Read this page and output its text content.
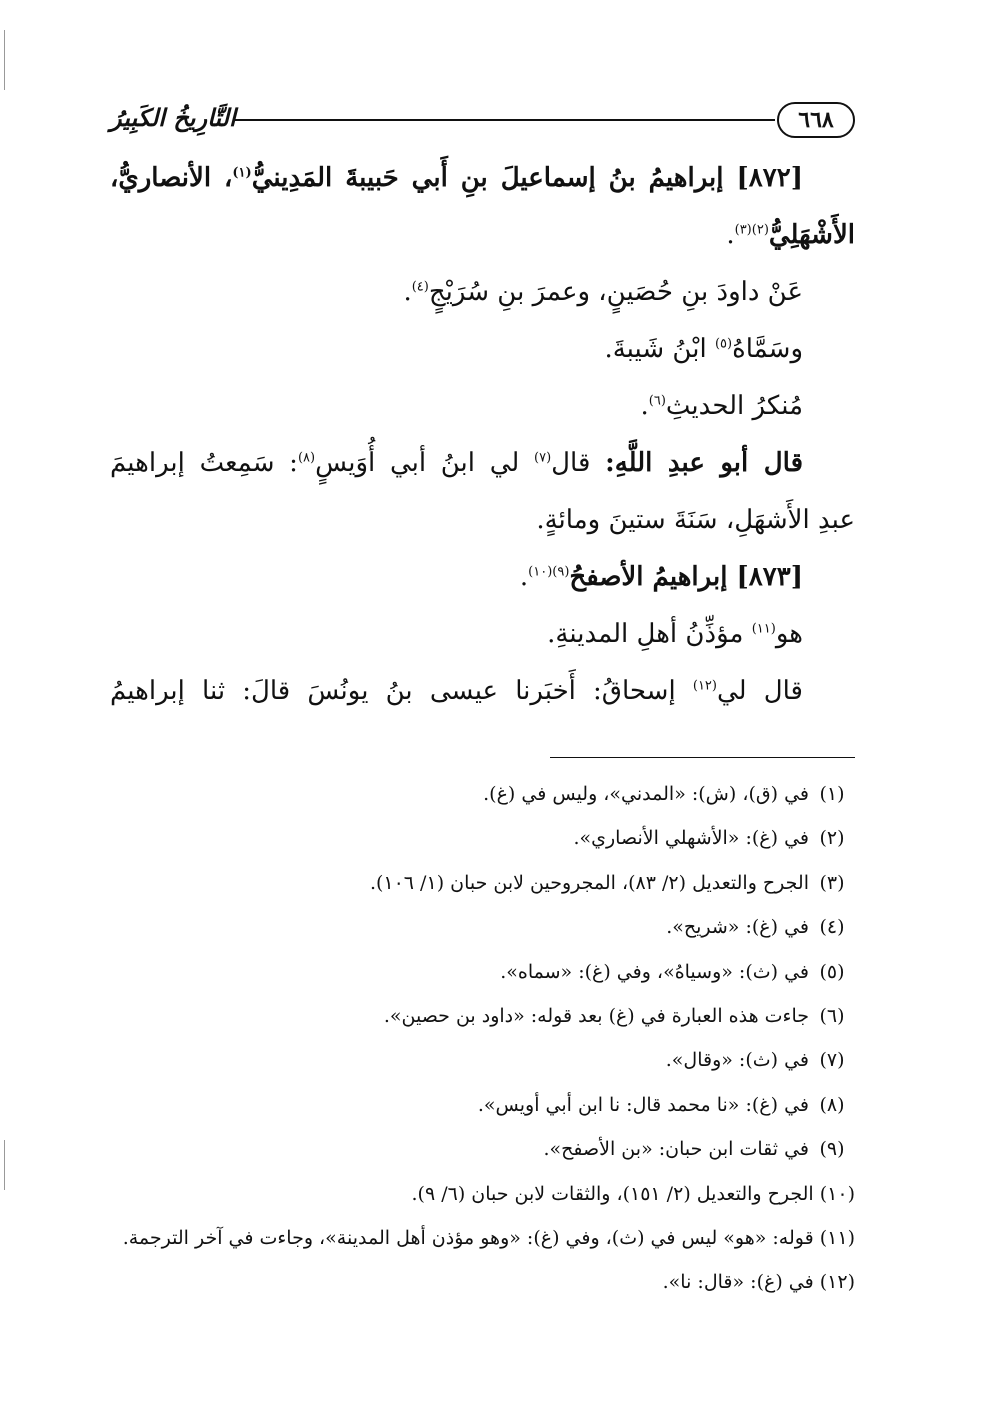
٦٦٨
التَّارِيخُ الكَبِيرُ
[٨٧٢] إبراهيمُ بنُ إسماعيلَ بنِ أَبي حَبيبةَ المَدِينيُّ$^{(١)}$، الأنصاريُّ،
الأَشْهَلِيُّ$^{(٢)(٣)}$.
عَنْ داودَ بنِ حُصَينٍ، وعمرَ بنِ سُرَيْجٍ$^{(٤)}$.
وسَمَّاهُ$^{(٥)}$ ابْنُ شَيبةَ.
مُنكرُ الحديثِ$^{(٦)}$.
قال أبو عبدِ اللَّهِ: قال$^{(٧)}$ لي ابنُ أبي أُوَيسٍ$^{(٨)}$: سَمِعتُ إبراهيمَ
عبدِ الأَشهَلِ، سَنَةَ ستينَ ومائةٍ.
[٨٧٣] إبراهيمُ الأصفحُ$^{(٩)(١٠)}$.
هو$^{(١١)}$ مؤذِّنُ أهلِ المدينةِ.
قال لي$^{(١٢)}$ إسحاقُ: أَخبَرنا عيسى بنُ يونُسَ قالَ: ثنا إبراهيمُ
(١)في (ق)، (ش): «المدني»، وليس في (غ).
(٢)في (غ): «الأشهلي الأنصاري».
(٣)الجرح والتعديل (٢/ ٨٣)، المجروحين لابن حبان (١/ ١٠٦).
(٤)في (غ): «شريح».
(٥)في (ث): «وسياهُ»، وفي (غ): «سماه».
(٦)جاءت هذه العبارة في (غ) بعد قوله: «داود بن حصين».
(٧)في (ث): «وقال».
(٨)في (غ): «نا محمد قال: نا ابن أبي أويس».
(٩)في ثقات ابن حبان: «بن الأصفح».
(١٠) الجرح والتعديل (٢/ ١٥١)، والثقات لابن حبان (٦/ ٩).
(١١) قوله: «هو» ليس في (ث)، وفي (غ): «وهو مؤذن أهل المدينة»، وجاءت في آخر الترجمة.
(١٢) في (غ): «قال: نا».
